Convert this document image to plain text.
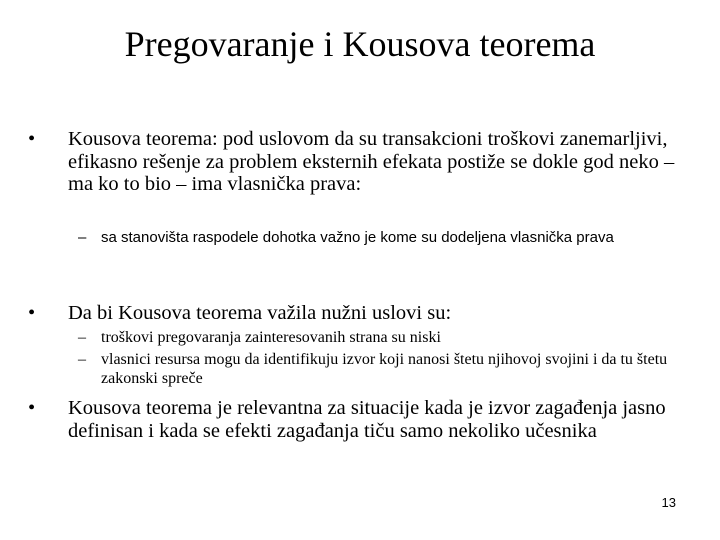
Pregovaranje i Kousova teorema
•	Kousova teorema: pod uslovom da su transakcioni troškovi zanemarljivi, efikasno rešenje za problem eksternih efekata postiže se dokle god neko – ma ko to bio – ima vlasnička prava:
– sa stanovišta raspodele dohotka važno je kome su dodeljena vlasnička prava
•	Da bi Kousova teorema važila nužni uslovi su:
– troškovi pregovaranja zainteresovanih strana su niski
– vlasnici resursa mogu da identifikuju izvor koji nanosi štetu njihovoj svojini i da tu štetu zakonski spreče
•	Kousova teorema je relevantna za situacije kada je izvor zagađenja jasno definisan i kada se efekti zagađanja tiču samo nekoliko učesnika
13
